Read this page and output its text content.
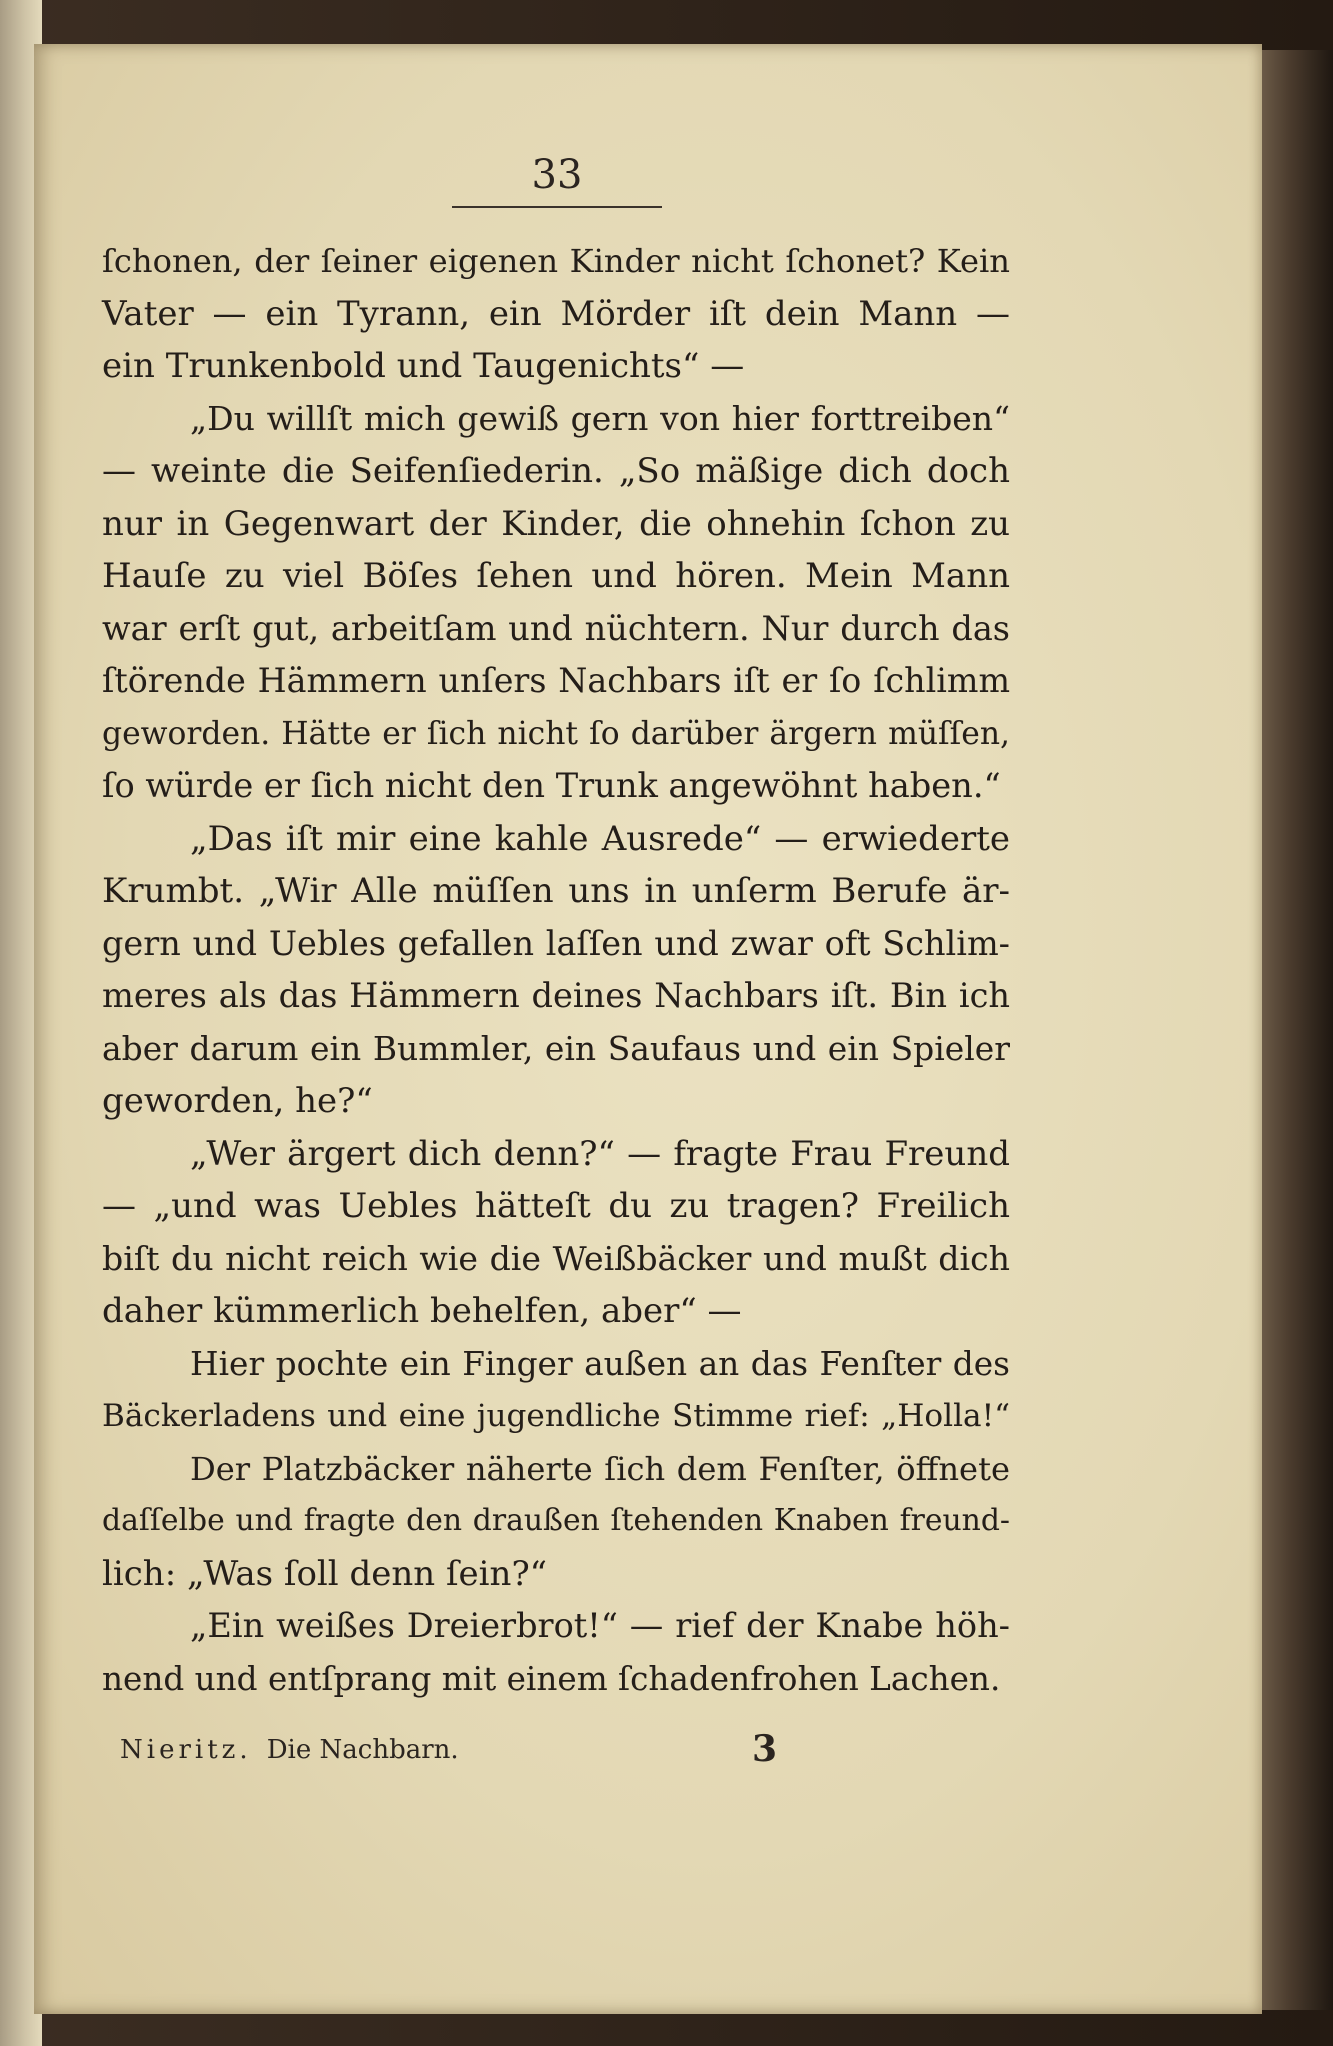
33

ſchonen, der ſeiner eigenen Kinder nicht ſchonet? Kein
Vater — ein Tyrann, ein Mörder iſt dein Mann —
ein Trunkenbold und Taugenichts“ —
„Du willſt mich gewiß gern von hier forttreiben“
— weinte die Seifenſiederin. „So mäßige dich doch
nur in Gegenwart der Kinder, die ohnehin ſchon zu
Hauſe zu viel Böſes ſehen und hören. Mein Mann
war erſt gut, arbeitſam und nüchtern. Nur durch das
ſtörende Hämmern unſers Nachbars iſt er ſo ſchlimm
geworden. Hätte er ſich nicht ſo darüber ärgern müſſen,
ſo würde er ſich nicht den Trunk angewöhnt haben.“
„Das iſt mir eine kahle Ausrede“ — erwiederte
Krumbt. „Wir Alle müſſen uns in unſerm Berufe är-
gern und Uebles gefallen laſſen und zwar oft Schlim-
meres als das Hämmern deines Nachbars iſt. Bin ich
aber darum ein Bummler, ein Saufaus und ein Spieler
geworden, he?“
„Wer ärgert dich denn?“ — fragte Frau Freund
— „und was Uebles hätteſt du zu tragen? Freilich
biſt du nicht reich wie die Weißbäcker und mußt dich
daher kümmerlich behelfen, aber“ —
Hier pochte ein Finger außen an das Fenſter des
Bäckerladens und eine jugendliche Stimme rief: „Holla!“
Der Platzbäcker näherte ſich dem Fenſter, öffnete
daſſelbe und fragte den draußen ſtehenden Knaben freund-
lich: „Was ſoll denn ſein?“
„Ein weißes Dreierbrot!“ — rief der Knabe höh-
nend und entſprang mit einem ſchadenfrohen Lachen.
Nieritz. Die Nachbarn.	3
